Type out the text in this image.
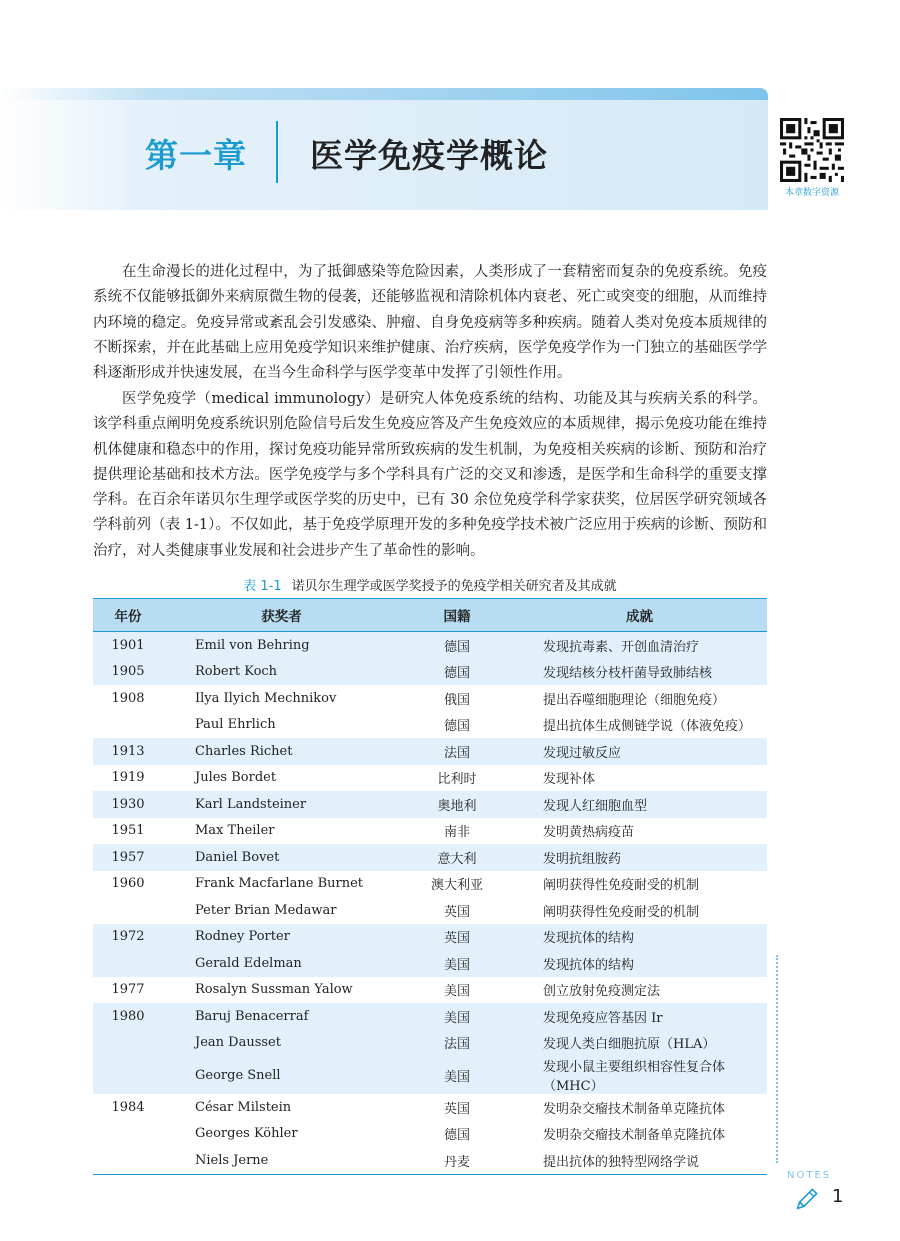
第一章 医学免疫学概论
本章数字资源

在生命漫长的进化过程中，为了抵御感染等危险因素，人类形成了一套精密而复杂的免疫系统。免疫系统不仅能够抵御外来病原微生物的侵袭，还能够监视和清除机体内衰老、死亡或突变的细胞，从而维持内环境的稳定。免疫异常或紊乱会引发感染、肿瘤、自身免疫病等多种疾病。随着人类对免疫本质规律的不断探索，并在此基础上应用免疫学知识来维护健康、治疗疾病，医学免疫学作为一门独立的基础医学学科逐渐形成并快速发展，在当今生命科学与医学变革中发挥了引领性作用。

医学免疫学（medical immunology）是研究人体免疫系统的结构、功能及其与疾病关系的科学。该学科重点阐明免疫系统识别危险信号后发生免疫应答及产生免疫效应的本质规律，揭示免疫功能在维持机体健康和稳态中的作用，探讨免疫功能异常所致疾病的发生机制，为免疫相关疾病的诊断、预防和治疗提供理论基础和技术方法。医学免疫学与多个学科具有广泛的交叉和渗透，是医学和生命科学的重要支撑学科。在百余年诺贝尔生理学或医学奖的历史中，已有 30 余位免疫学科学家获奖，位居医学研究领域各学科前列（表 1-1）。不仅如此，基于免疫学原理开发的多种免疫学技术被广泛应用于疾病的诊断、预防和治疗，对人类健康事业发展和社会进步产生了革命性的影响。

表 1-1 诺贝尔生理学或医学奖授予的免疫学相关研究者及其成就
年份	获奖者	国籍	成就
1901	Emil von Behring	德国	发现抗毒素、开创血清治疗
1905	Robert Koch	德国	发现结核分枝杆菌导致肺结核
1908	Ilya Ilyich Mechnikov	俄国	提出吞噬细胞理论（细胞免疫）
	Paul Ehrlich	德国	提出抗体生成侧链学说（体液免疫）
1913	Charles Richet	法国	发现过敏反应
1919	Jules Bordet	比利时	发现补体
1930	Karl Landsteiner	奥地利	发现人红细胞血型
1951	Max Theiler	南非	发明黄热病疫苗
1957	Daniel Bovet	意大利	发明抗组胺药
1960	Frank Macfarlane Burnet	澳大利亚	阐明获得性免疫耐受的机制
	Peter Brian Medawar	英国	阐明获得性免疫耐受的机制
1972	Rodney Porter	英国	发现抗体的结构
	Gerald Edelman	美国	发现抗体的结构
1977	Rosalyn Sussman Yalow	美国	创立放射免疫测定法
1980	Baruj Benacerraf	美国	发现免疫应答基因 Ir
	Jean Dausset	法国	发现人类白细胞抗原（HLA）
	George Snell	美国	发现小鼠主要组织相容性复合体（MHC）
1984	César Milstein	英国	发明杂交瘤技术制备单克隆抗体
	Georges Köhler	德国	发明杂交瘤技术制备单克隆抗体
	Niels Jerne	丹麦	提出抗体的独特型网络学说
NOTES
1
